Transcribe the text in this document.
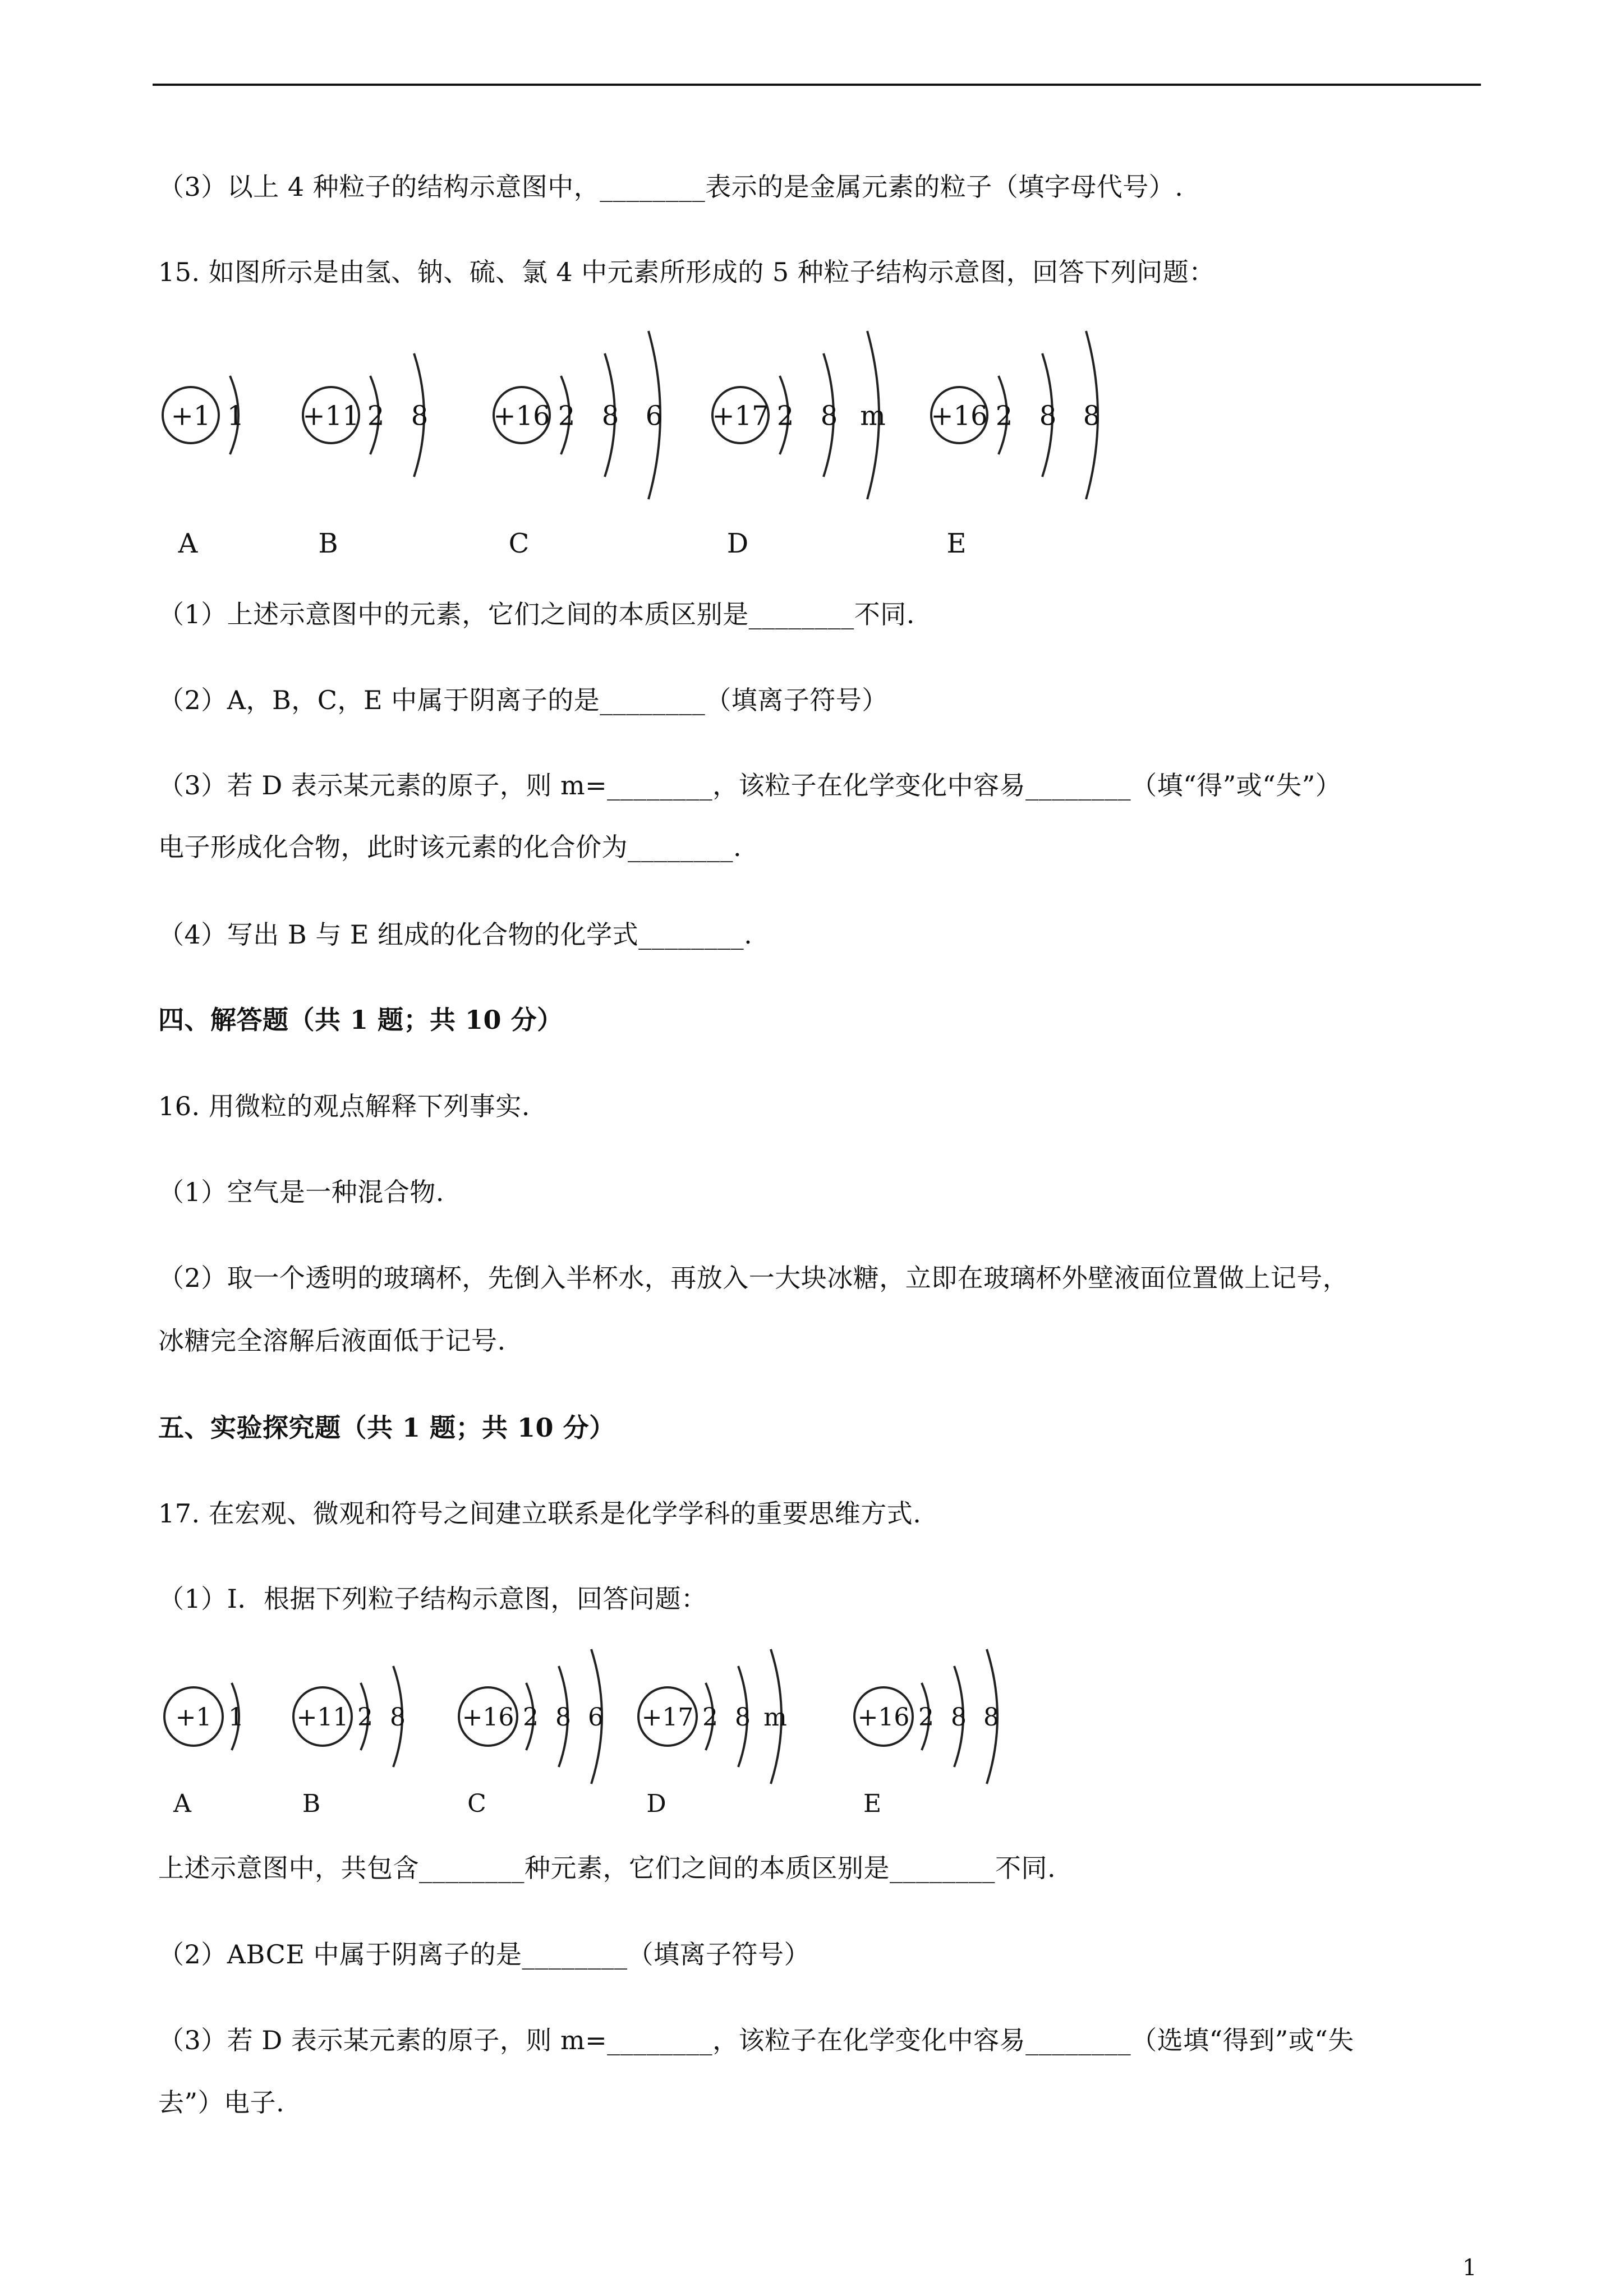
（3）以上 4 种粒子的结构示意图中，________表示的是金属元素的粒子（填字母代号）.
15. 如图所示是由氢、钠、硫、氯 4 中元素所形成的 5 种粒子结构示意图，回答下列问题：
+1 1
A
+11 2 8
B
+16 2 8 6
C
+17 2 8 m
D
+16 2 8 8
E
（1）上述示意图中的元素，它们之间的本质区别是________不同.
（2）A，B，C，E 中属于阴离子的是________（填离子符号）
（3）若 D 表示某元素的原子，则 m=________，该粒子在化学变化中容易________（填“得”或“失”）
电子形成化合物，此时该元素的化合价为________.
（4）写出 B 与 E 组成的化合物的化学式________.
四、解答题（共 1 题；共 10 分）
16. 用微粒的观点解释下列事实.
（1）空气是一种混合物.
（2）取一个透明的玻璃杯，先倒入半杯水，再放入一大块冰糖，立即在玻璃杯外壁液面位置做上记号，
冰糖完全溶解后液面低于记号.
五、实验探究题（共 1 题；共 10 分）
17. 在宏观、微观和符号之间建立联系是化学学科的重要思维方式.
（1）Ⅰ．根据下列粒子结构示意图，回答问题：
+1 1
A
+11 2 8
B
+16 2 8 6
C
+17 2 8 m
D
+16 2 8 8
E
上述示意图中，共包含________种元素，它们之间的本质区别是________不同.
（2）ABCE 中属于阴离子的是________（填离子符号）
（3）若 D 表示某元素的原子，则 m=________，该粒子在化学变化中容易________（选填“得到”或“失
去”）电子.
1
